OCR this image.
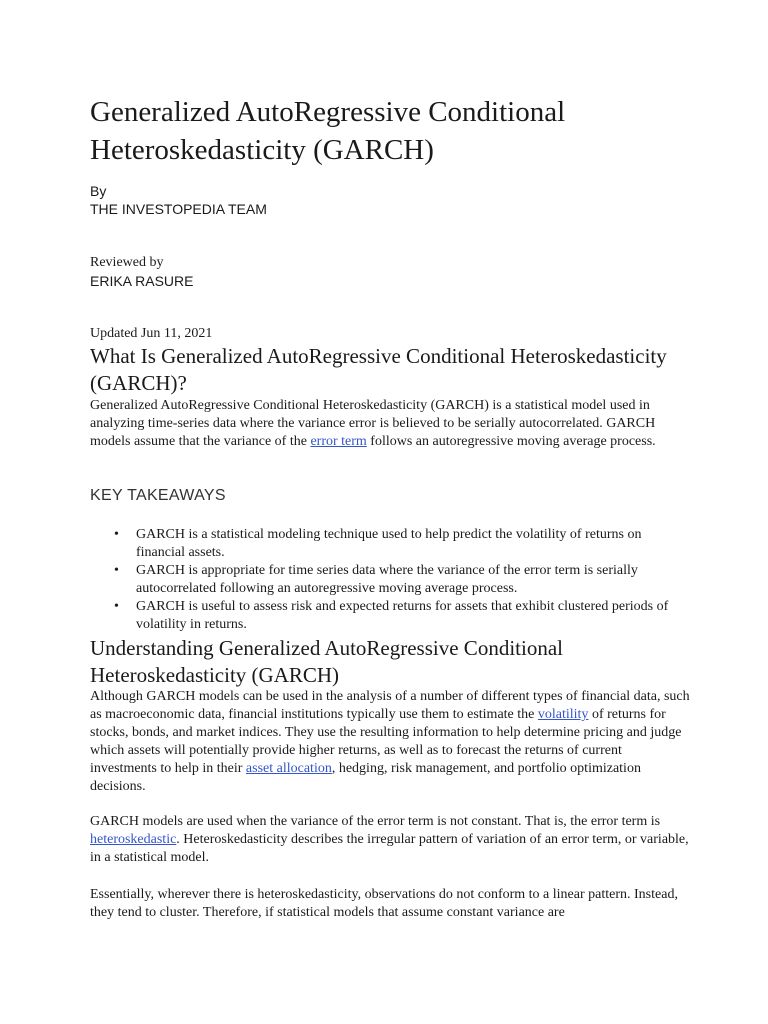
Generalized AutoRegressive Conditional Heteroskedasticity (GARCH)
By
THE INVESTOPEDIA TEAM
Reviewed by
ERIKA RASURE
Updated Jun 11, 2021
What Is Generalized AutoRegressive Conditional Heteroskedasticity (GARCH)?

Generalized AutoRegressive Conditional Heteroskedasticity (GARCH) is a statistical model used in analyzing time-series data where the variance error is believed to be serially autocorrelated. GARCH models assume that the variance of the error term follows an autoregressive moving average process.

KEY TAKEAWAYS
• GARCH is a statistical modeling technique used to help predict the volatility of returns on financial assets.
• GARCH is appropriate for time series data where the variance of the error term is serially autocorrelated following an autoregressive moving average process.
• GARCH is useful to assess risk and expected returns for assets that exhibit clustered periods of volatility in returns.
Understanding Generalized AutoRegressive Conditional Heteroskedasticity (GARCH)

Although GARCH models can be used in the analysis of a number of different types of financial data, such as macroeconomic data, financial institutions typically use them to estimate the volatility of returns for stocks, bonds, and market indices. They use the resulting information to help determine pricing and judge which assets will potentially provide higher returns, as well as to forecast the returns of current investments to help in their asset allocation, hedging, risk management, and portfolio optimization decisions.

GARCH models are used when the variance of the error term is not constant. That is, the error term is heteroskedastic. Heteroskedasticity describes the irregular pattern of variation of an error term, or variable, in a statistical model.

Essentially, wherever there is heteroskedasticity, observations do not conform to a linear pattern. Instead, they tend to cluster. Therefore, if statistical models that assume constant variance are
